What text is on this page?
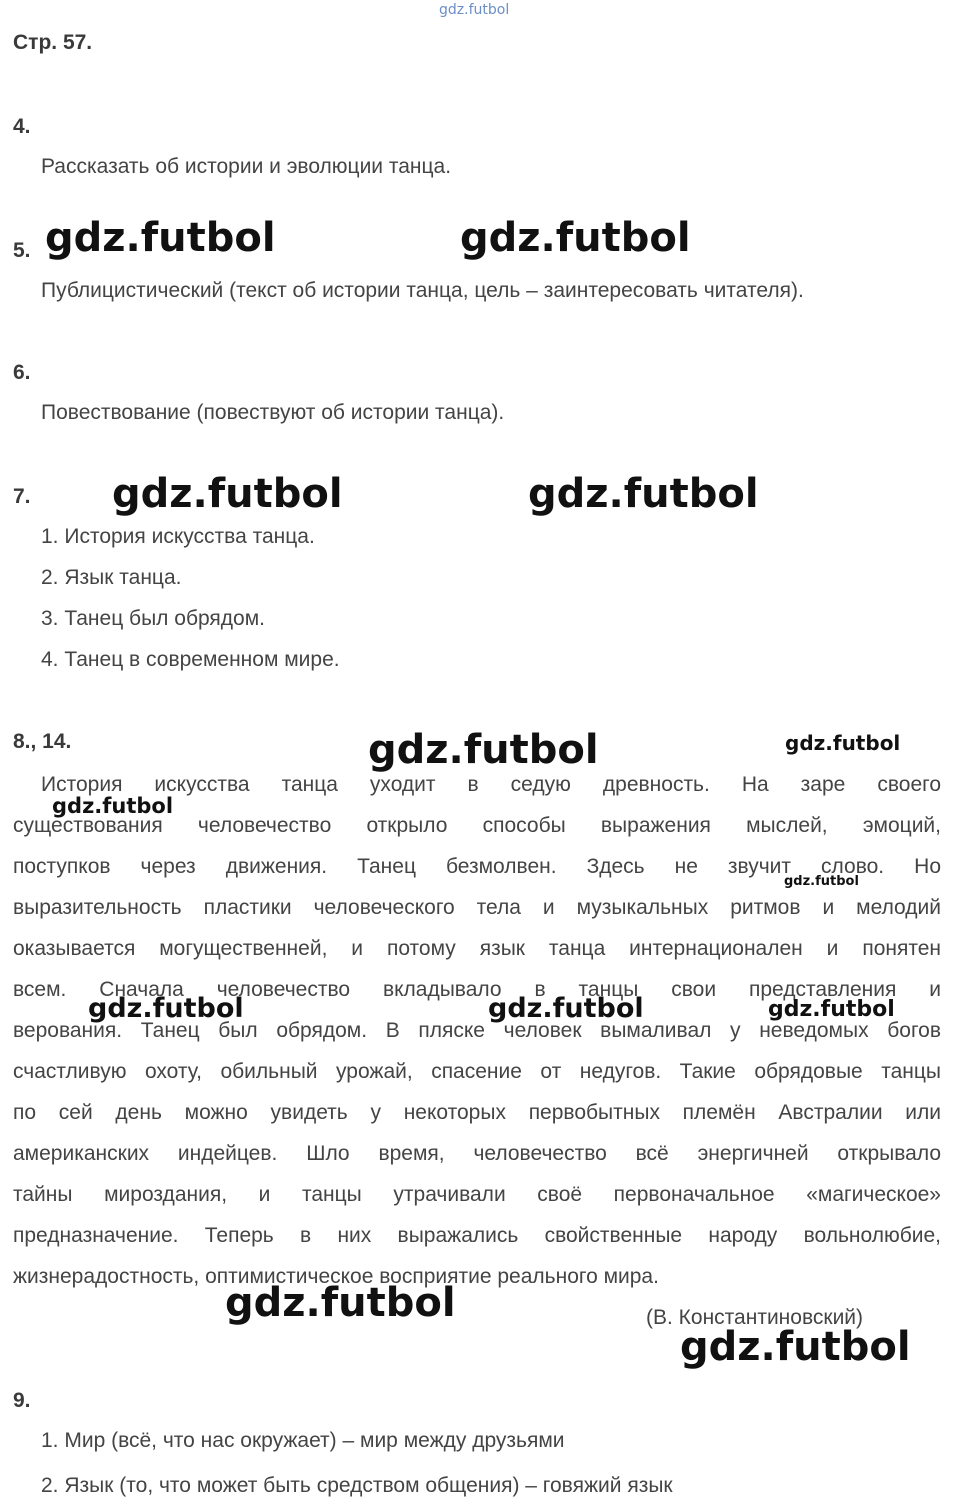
gdz.futbol
Стр. 57.
4.
Рассказать об истории и эволюции танца.
5.
Публицистический (текст об истории танца, цель – заинтересовать читателя).
6.
Повествование (повествуют об истории танца).
7.
1. История искусства танца.
2. Язык танца.
3. Танец был обрядом.
4. Танец в современном мире.
8., 14.
История искусства танца уходит в седую древность. На заре своего
существования человечество открыло способы выражения мыслей, эмоций,
поступков через движения. Танец безмолвен. Здесь не звучит слово. Но
выразительность пластики человеческого тела и музыкальных ритмов и мелодий
оказывается могущественней, и потому язык танца интернационален и понятен
всем. Сначала человечество вкладывало в танцы свои представления и
верования. Танец был обрядом. В пляске человек вымаливал у неведомых богов
счастливую охоту, обильный урожай, спасение от недугов. Такие обрядовые танцы
по сей день можно увидеть у некоторых первобытных племён Австралии или
американских индейцев. Шло время, человечество всё энергичней открывало
тайны мироздания, и танцы утрачивали своё первоначальное «магическое»
предназначение. Теперь в них выражались свойственные народу вольнолюбие,
жизнерадостность, оптимистическое восприятие реального мира.
(В. Константиновский)
9.
1. Мир (всё, что нас окружает) – мир между друзьями
2. Язык (то, что может быть средством общения) – говяжий язык
gdz.futbol	gdz.futbol
gdz.futbol	gdz.futbol
gdz.futbol	gdz.futbol
gdz.futbol
gdz.futbol
gdz.futbol	gdz.futbol	gdz.futbol
gdz.futbol
gdz.futbol
